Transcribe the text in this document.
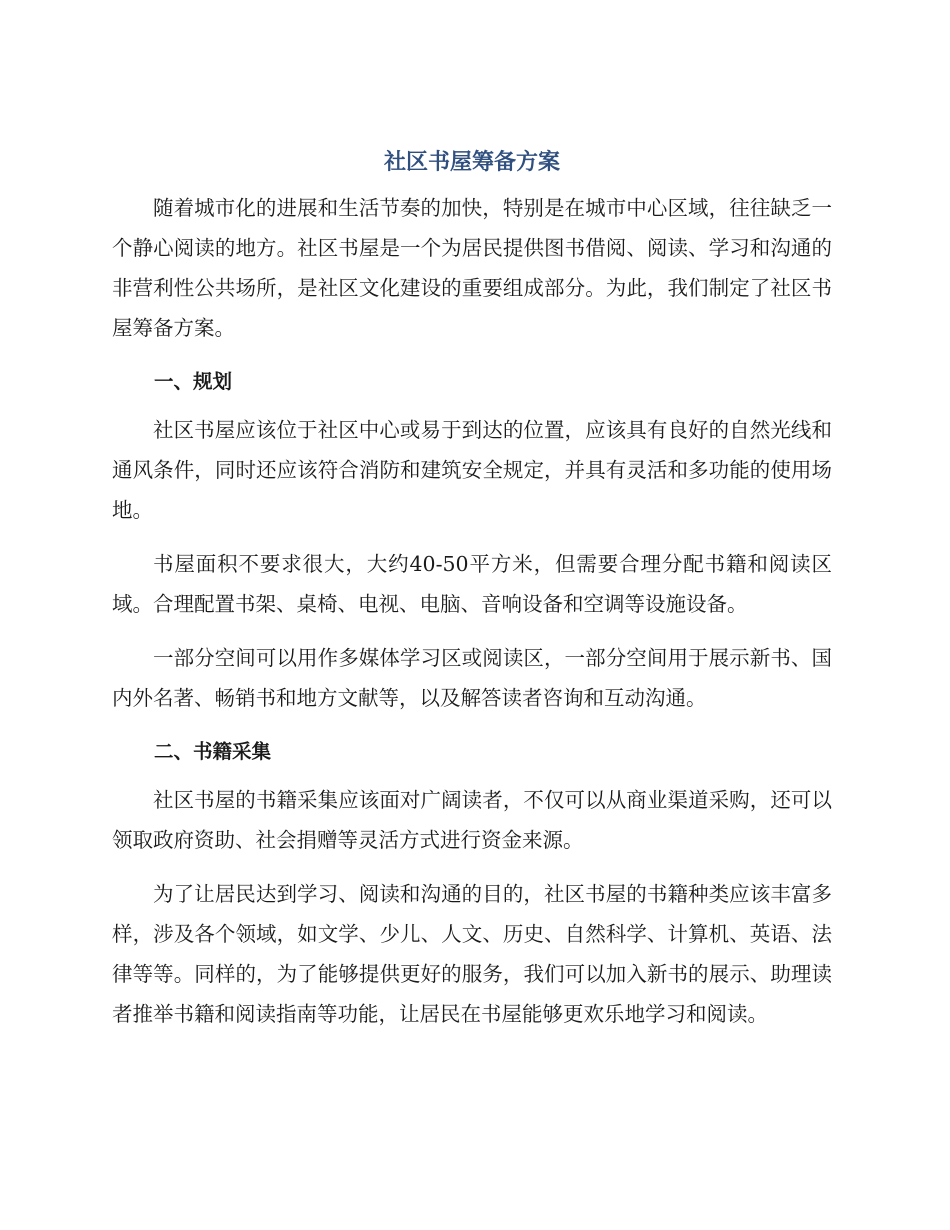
社区书屋筹备方案

随着城市化的进展和生活节奏的加快，特别是在城市中心区域，往往缺乏一个静心阅读的地方。社区书屋是一个为居民提供图书借阅、阅读、学习和沟通的非营利性公共场所，是社区文化建设的重要组成部分。为此，我们制定了社区书屋筹备方案。

一、规划

社区书屋应该位于社区中心或易于到达的位置，应该具有良好的自然光线和通风条件，同时还应该符合消防和建筑安全规定，并具有灵活和多功能的使用场地。

书屋面积不要求很大，大约40-50平方米，但需要合理分配书籍和阅读区域。合理配置书架、桌椅、电视、电脑、音响设备和空调等设施设备。

一部分空间可以用作多媒体学习区或阅读区，一部分空间用于展示新书、国内外名著、畅销书和地方文献等，以及解答读者咨询和互动沟通。

二、书籍采集

社区书屋的书籍采集应该面对广阔读者，不仅可以从商业渠道采购，还可以领取政府资助、社会捐赠等灵活方式进行资金来源。

为了让居民达到学习、阅读和沟通的目的，社区书屋的书籍种类应该丰富多样，涉及各个领域，如文学、少儿、人文、历史、自然科学、计算机、英语、法律等等。同样的，为了能够提供更好的服务，我们可以加入新书的展示、助理读者推举书籍和阅读指南等功能，让居民在书屋能够更欢乐地学习和阅读。
